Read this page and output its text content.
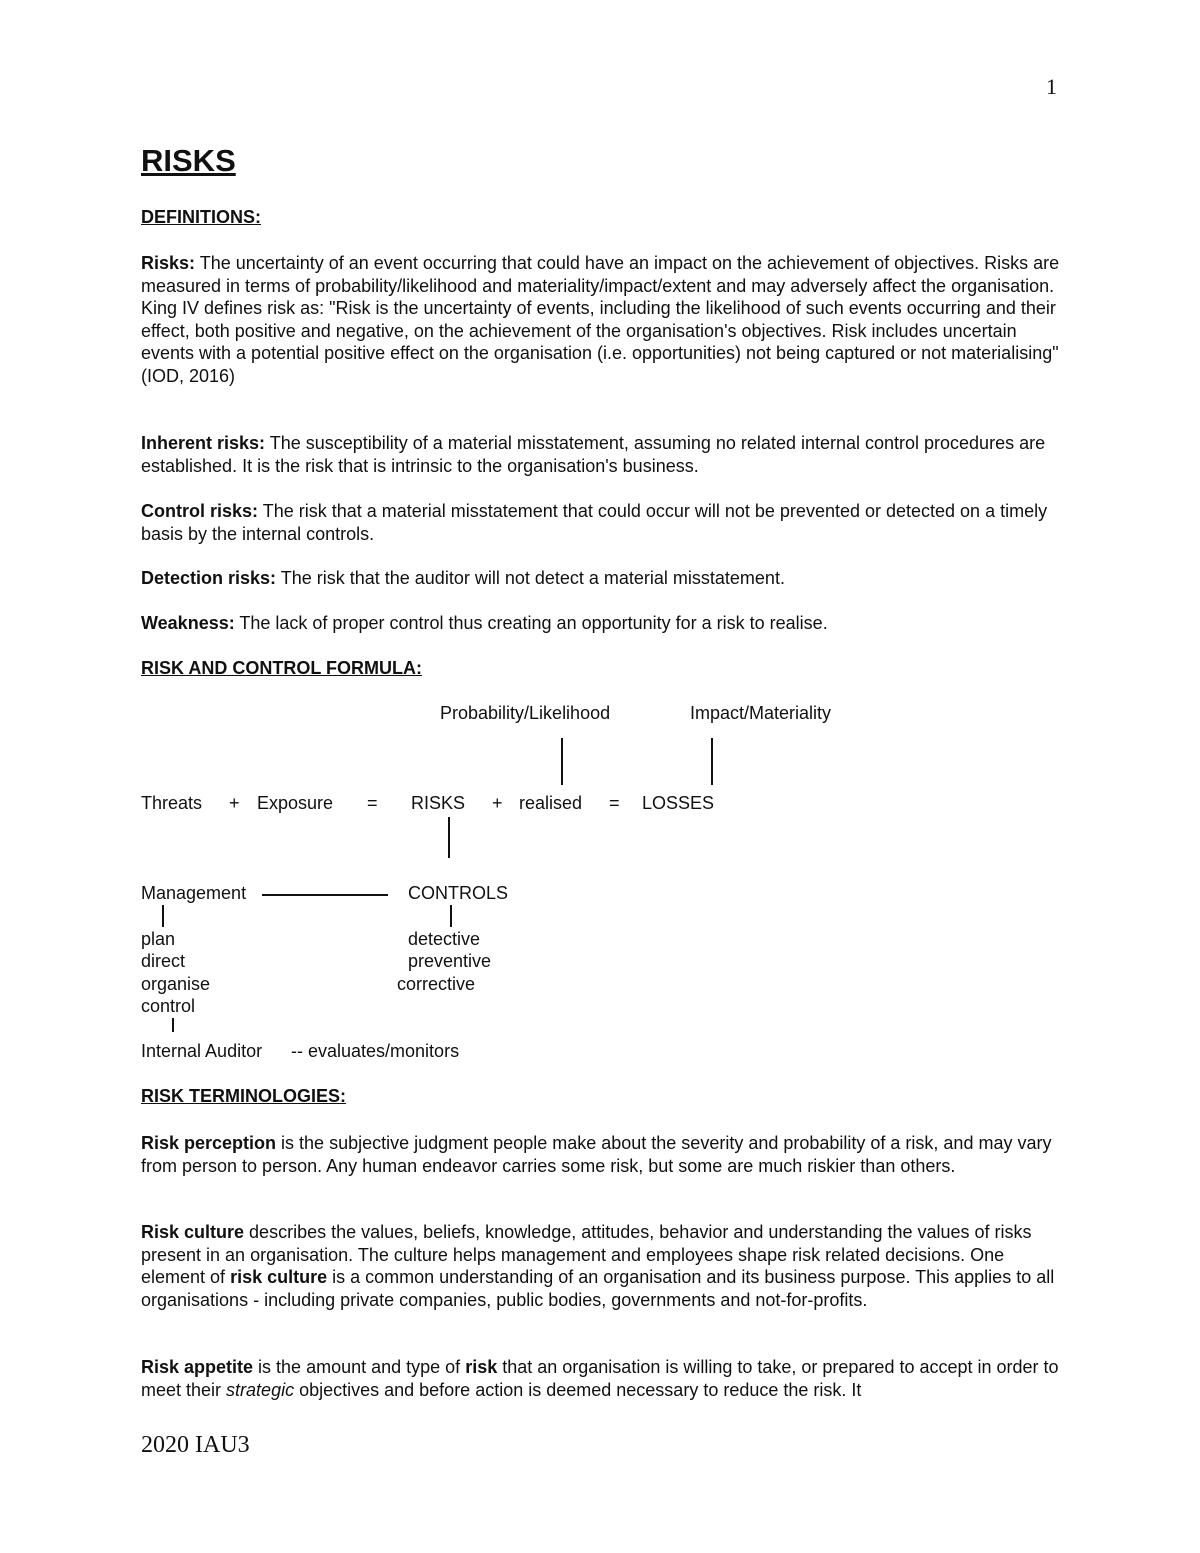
1
RISKS
DEFINITIONS:
Risks: The uncertainty of an event occurring that could have an impact on the achievement of objectives. Risks are measured in terms of probability/likelihood and materiality/impact/extent and may adversely affect the organisation.
King IV defines risk as: "Risk is the uncertainty of events, including the likelihood of such events occurring and their effect, both positive and negative, on the achievement of the organisation's objectives. Risk includes uncertain events with a potential positive effect on the organisation (i.e. opportunities) not being captured or not materialising" (IOD, 2016)
Inherent risks: The susceptibility of a material misstatement, assuming no related internal control procedures are established. It is the risk that is intrinsic to the organisation's business.
Control risks: The risk that a material misstatement that could occur will not be prevented or detected on a timely basis by the internal controls.
Detection risks: The risk that the auditor will not detect a material misstatement.
Weakness: The lack of proper control thus creating an opportunity for a risk to realise.
RISK AND CONTROL FORMULA:
Probability/Likelihood	Impact/Materiality
Threats + Exposure = RISKS + realised = LOSSES
Management	CONTROLS
plan
direct
organise
control
detective
preventive
corrective
Internal Auditor -- evaluates/monitors
RISK TERMINOLOGIES:
Risk perception is the subjective judgment people make about the severity and probability of a risk, and may vary from person to person. Any human endeavor carries some risk, but some are much riskier than others.
Risk culture describes the values, beliefs, knowledge, attitudes, behavior and understanding the values of risks present in an organisation. The culture helps management and employees shape risk related decisions. One element of risk culture is a common understanding of an organisation and its business purpose. This applies to all organisations - including private companies, public bodies, governments and not-for-profits.
Risk appetite is the amount and type of risk that an organisation is willing to take, or prepared to accept in order to meet their strategic objectives and before action is deemed necessary to reduce the risk. It
2020 IAU3
